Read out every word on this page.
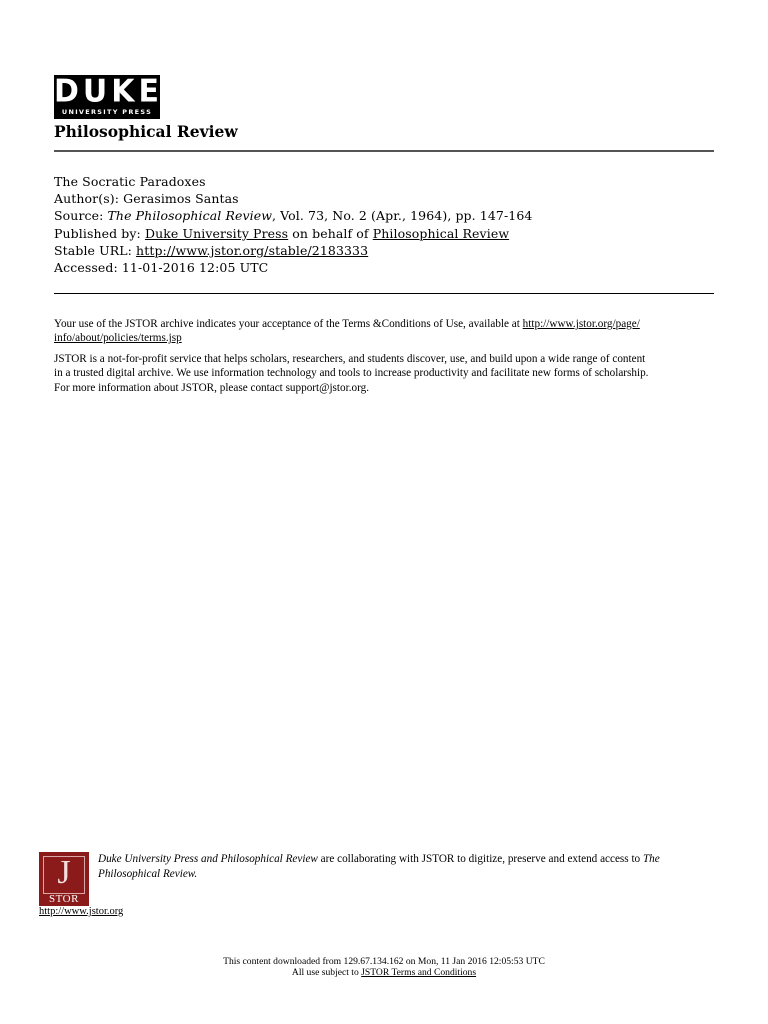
DUKE
UNIVERSITY PRESS
Philosophical Review
The Socratic Paradoxes
Author(s): Gerasimos Santas
Source: The Philosophical Review, Vol. 73, No. 2 (Apr., 1964), pp. 147-164
Published by: Duke University Press on behalf of Philosophical Review
Stable URL: http://www.jstor.org/stable/2183333
Accessed: 11-01-2016 12:05 UTC
Your use of the JSTOR archive indicates your acceptance of the Terms &Conditions of Use, available at http://www.jstor.org/page/
info/about/policies/terms.jsp
JSTOR is a not-for-profit service that helps scholars, researchers, and students discover, use, and build upon a wide range of content
in a trusted digital archive. We use information technology and tools to increase productivity and facilitate new forms of scholarship.
For more information about JSTOR, please contact support@jstor.org.
J
STOR
Duke University Press and Philosophical Review are collaborating with JSTOR to digitize, preserve and extend access to The Philosophical Review.
http://www.jstor.org
This content downloaded from 129.67.134.162 on Mon, 11 Jan 2016 12:05:53 UTC
All use subject to JSTOR Terms and Conditions
